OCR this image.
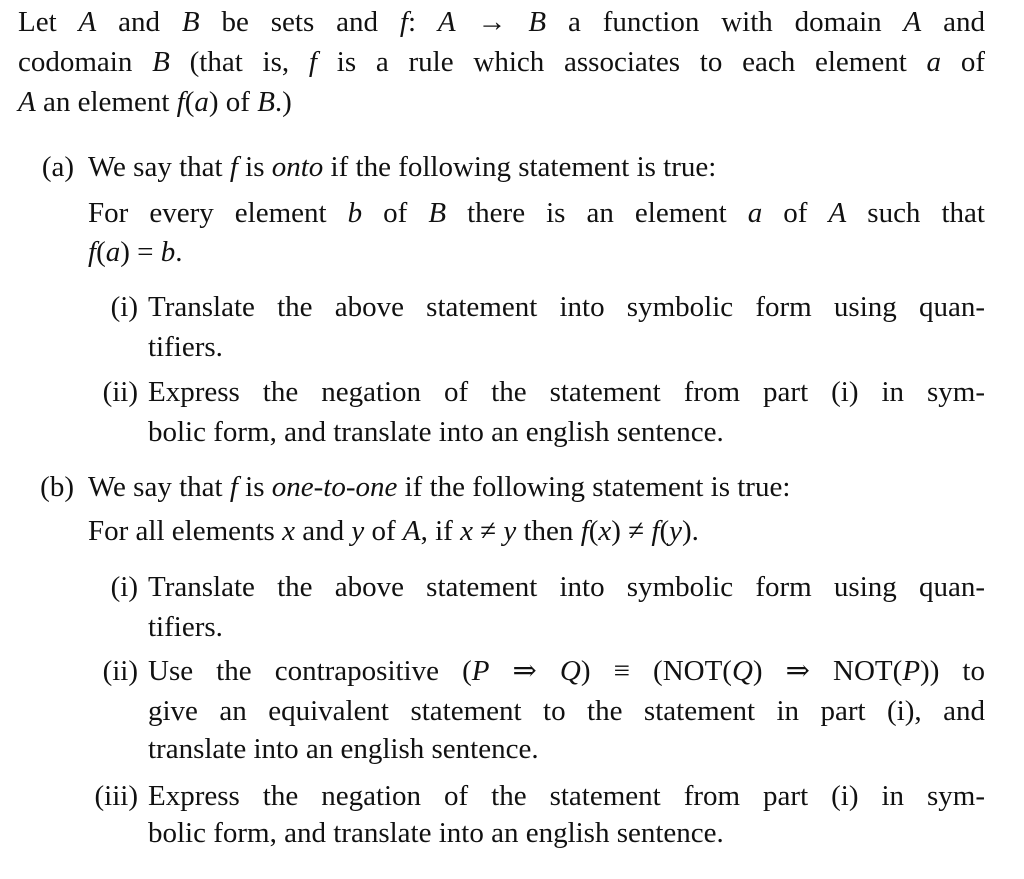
Let A and B be sets and f: A → B a function with domain A and
codomain B (that is, f is a rule which associates to each element a of
A an element f(a) of B.)
(a) We say that f is onto if the following statement is true:
For every element b of B there is an element a of A such that
f(a) = b.
(i) Translate the above statement into symbolic form using quan-
tifiers.
(ii) Express the negation of the statement from part (i) in sym-
bolic form, and translate into an english sentence.
(b) We say that f is one-to-one if the following statement is true:
For all elements x and y of A, if x ≠ y then f(x) ≠ f(y).
(i) Translate the above statement into symbolic form using quan-
tifiers.
(ii) Use the contrapositive (P ⇒ Q) ≡ (NOT(Q) ⇒ NOT(P)) to
give an equivalent statement to the statement in part (i), and
translate into an english sentence.
(iii) Express the negation of the statement from part (i) in sym-
bolic form, and translate into an english sentence.
